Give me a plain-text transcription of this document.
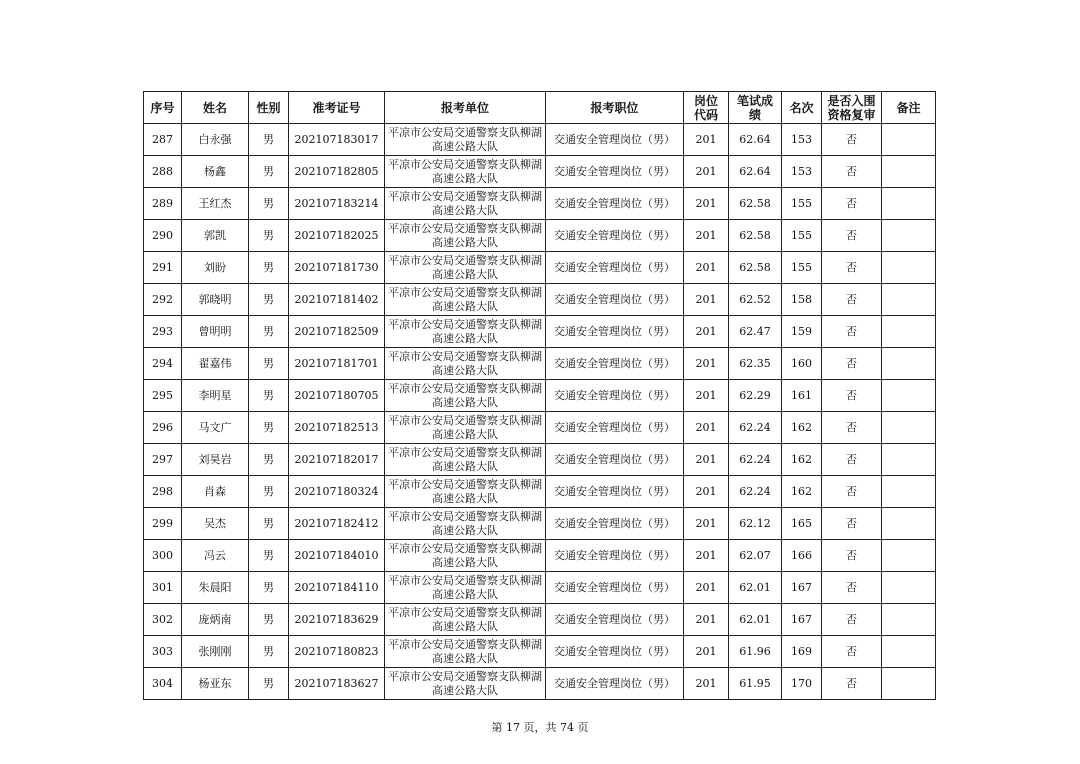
序号	姓名	性别	准考证号	报考单位	报考职位	岗位代码	笔试成绩	名次	是否入围资格复审	备注
287	白永强	男	202107183017	平凉市公安局交通警察支队柳湖高速公路大队	交通安全管理岗位（男）	201	62.64	153	否	
288	杨鑫	男	202107182805	平凉市公安局交通警察支队柳湖高速公路大队	交通安全管理岗位（男）	201	62.64	153	否	
289	王红杰	男	202107183214	平凉市公安局交通警察支队柳湖高速公路大队	交通安全管理岗位（男）	201	62.58	155	否	
290	郭凯	男	202107182025	平凉市公安局交通警察支队柳湖高速公路大队	交通安全管理岗位（男）	201	62.58	155	否	
291	刘盼	男	202107181730	平凉市公安局交通警察支队柳湖高速公路大队	交通安全管理岗位（男）	201	62.58	155	否	
292	郭晓明	男	202107181402	平凉市公安局交通警察支队柳湖高速公路大队	交通安全管理岗位（男）	201	62.52	158	否	
293	曾明明	男	202107182509	平凉市公安局交通警察支队柳湖高速公路大队	交通安全管理岗位（男）	201	62.47	159	否	
294	翟嘉伟	男	202107181701	平凉市公安局交通警察支队柳湖高速公路大队	交通安全管理岗位（男）	201	62.35	160	否	
295	李明星	男	202107180705	平凉市公安局交通警察支队柳湖高速公路大队	交通安全管理岗位（男）	201	62.29	161	否	
296	马文广	男	202107182513	平凉市公安局交通警察支队柳湖高速公路大队	交通安全管理岗位（男）	201	62.24	162	否	
297	刘昊岩	男	202107182017	平凉市公安局交通警察支队柳湖高速公路大队	交通安全管理岗位（男）	201	62.24	162	否	
298	肖森	男	202107180324	平凉市公安局交通警察支队柳湖高速公路大队	交通安全管理岗位（男）	201	62.24	162	否	
299	吴杰	男	202107182412	平凉市公安局交通警察支队柳湖高速公路大队	交通安全管理岗位（男）	201	62.12	165	否	
300	冯云	男	202107184010	平凉市公安局交通警察支队柳湖高速公路大队	交通安全管理岗位（男）	201	62.07	166	否	
301	朱晨阳	男	202107184110	平凉市公安局交通警察支队柳湖高速公路大队	交通安全管理岗位（男）	201	62.01	167	否	
302	庞炳南	男	202107183629	平凉市公安局交通警察支队柳湖高速公路大队	交通安全管理岗位（男）	201	62.01	167	否	
303	张刚刚	男	202107180823	平凉市公安局交通警察支队柳湖高速公路大队	交通安全管理岗位（男）	201	61.96	169	否	
304	杨亚东	男	202107183627	平凉市公安局交通警察支队柳湖高速公路大队	交通安全管理岗位（男）	201	61.95	170	否	
第 17 页，共 74 页
